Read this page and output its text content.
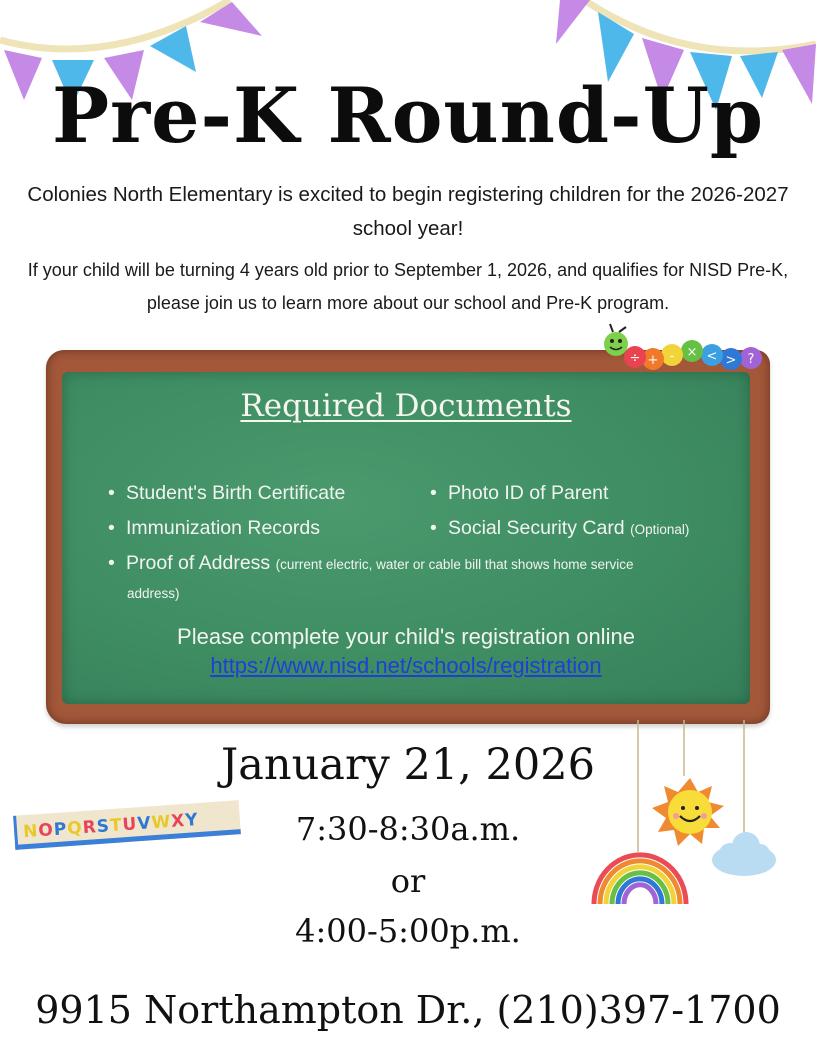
Pre-K Round-Up
Colonies North Elementary is excited to begin registering children for the 2026-2027 school year!
If your child will be turning 4 years old prior to September 1, 2026, and qualifies for NISD Pre-K, please join us to learn more about our school and Pre-K program.
?
>
<
×
-
+
÷
Required Documents
• Student's Birth Certificate	• Photo ID of Parent
• Immunization Records	• Social Security Card (Optional)
• Proof of Address (current electric, water or cable bill that shows home service
address)
Please complete your child's registration online
https://www.nisd.net/schools/registration
NOPQRSTUVWXY
January 21, 2026
7:30-8:30a.m.
or
4:00-5:00p.m.
9915 Northampton Dr., (210)397-1700
